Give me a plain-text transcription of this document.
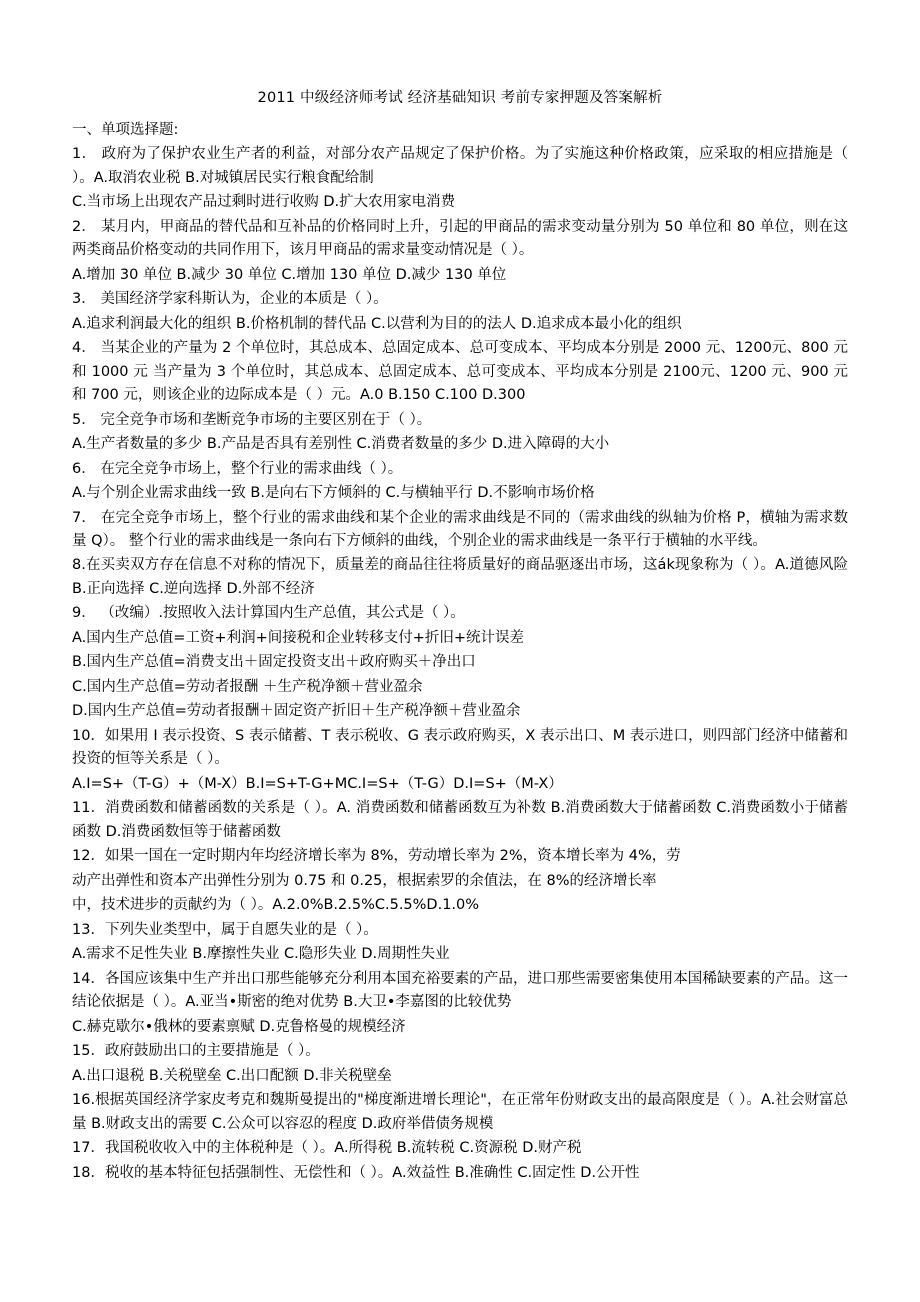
2011 中级经济师考试 经济基础知识 考前专家押题及答案解析
一、单项选择题:
1． 政府为了保护农业生产者的利益，对部分农产品规定了保护价格。为了实施这种价格政策，应采取的相应措施是（ ）。A.取消农业税 B.对城镇居民实行粮食配给制
C.当市场上出现农产品过剩时进行收购 D.扩大农用家电消费
2． 某月内，甲商品的替代品和互补品的价格同时上升，引起的甲商品的需求变动量分别为 50 单位和 80 单位，则在这两类商品价格变动的共同作用下，该月甲商品的需求量变动情况是（ ）。
A.增加 30 单位 B.减少 30 单位 C.增加 130 单位 D.减少 130 单位
3． 美国经济学家科斯认为，企业的本质是（ ）。
A.追求利润最大化的组织 B.价格机制的替代品 C.以营利为目的的法人 D.追求成本最小化的组织
4． 当某企业的产量为 2 个单位时，其总成本、总固定成本、总可变成本、平均成本分别是 2000 元、1200元、800 元和 1000 元 当产量为 3 个单位时，其总成本、总固定成本、总可变成本、平均成本分别是 2100元、1200 元、900 元和 700 元，则该企业的边际成本是（ ）元。A.0 B.150 C.100 D.300
5． 完全竞争市场和垄断竞争市场的主要区别在于（ ）。
A.生产者数量的多少 B.产品是否具有差别性 C.消费者数量的多少 D.进入障碍的大小
6． 在完全竞争市场上，整个行业的需求曲线（ ）。
A.与个别企业需求曲线一致 B.是向右下方倾斜的 C.与横轴平行 D.不影响市场价格
7． 在完全竞争市场上，整个行业的需求曲线和某个企业的需求曲线是不同的（需求曲线的纵轴为价格 P，横轴为需求数量 Q）。 整个行业的需求曲线是一条向右下方倾斜的曲线，个别企业的需求曲线是一条平行于横轴的水平线。
8.在买卖双方存在信息不对称的情况下，质量差的商品往往将质量好的商品驱逐出市场，这ák现象称为（ ）。A.道德风险 B.正向选择 C.逆向选择 D.外部不经济
9． （改编）.按照收入法计算国内生产总值，其公式是（ ）。
A.国内生产总值=工资+利润+间接税和企业转移支付+折旧+统计误差
B.国内生产总值=消费支出＋固定投资支出＋政府购买＋净出口
C.国内生产总值=劳动者报酬 ＋生产税净额＋营业盈余
D.国内生产总值=劳动者报酬＋固定资产折旧＋生产税净额＋营业盈余
10．如果用 I 表示投资、S 表示储蓄、T 表示税收、G 表示政府购买，X 表示出口、M 表示进口，则四部门经济中储蓄和投资的恒等关系是（ ）。
A.I=S+（T-G）+（M-X）B.I=S+T-G+MC.I=S+（T-G）D.I=S+（M-X）
11．消费函数和储蓄函数的关系是（ ）。A. 消费函数和储蓄函数互为补数 B.消费函数大于储蓄函数 C.消费函数小于储蓄函数 D.消费函数恒等于储蓄函数
12．如果一国在一定时期内年均经济增长率为 8%，劳动增长率为 2%，资本增长率为 4%，劳
动产出弹性和资本产出弹性分别为 0.75 和 0.25，根据索罗的余值法，在 8%的经济增长率
中，技术进步的贡献约为（ ）。A.2.0%B.2.5%C.5.5%D.1.0%
13．下列失业类型中，属于自愿失业的是（ ）。
A.需求不足性失业 B.摩擦性失业 C.隐形失业 D.周期性失业
14．各国应该集中生产并出口那些能够充分利用本国充裕要素的产品，进口那些需要密集使用本国稀缺要素的产品。这一结论依据是（ ）。A.亚当•斯密的绝对优势 B.大卫•李嘉图的比较优势
C.赫克歇尔•俄林的要素禀赋 D.克鲁格曼的规模经济
15．政府鼓励出口的主要措施是（ ）。
A.出口退税 B.关税壁垒 C.出口配额 D.非关税壁垒
16.根据英国经济学家皮考克和魏斯曼提出的"梯度渐进增长理论"，在正常年份财政支出的最高限度是（ ）。A.社会财富总量 B.财政支出的需要 C.公众可以容忍的程度 D.政府举借债务规模
17．我国税收收入中的主体税种是（ ）。A.所得税 B.流转税 C.资源税 D.财产税
18．税收的基本特征包括强制性、无偿性和（ ）。A.效益性 B.准确性 C.固定性 D.公开性
